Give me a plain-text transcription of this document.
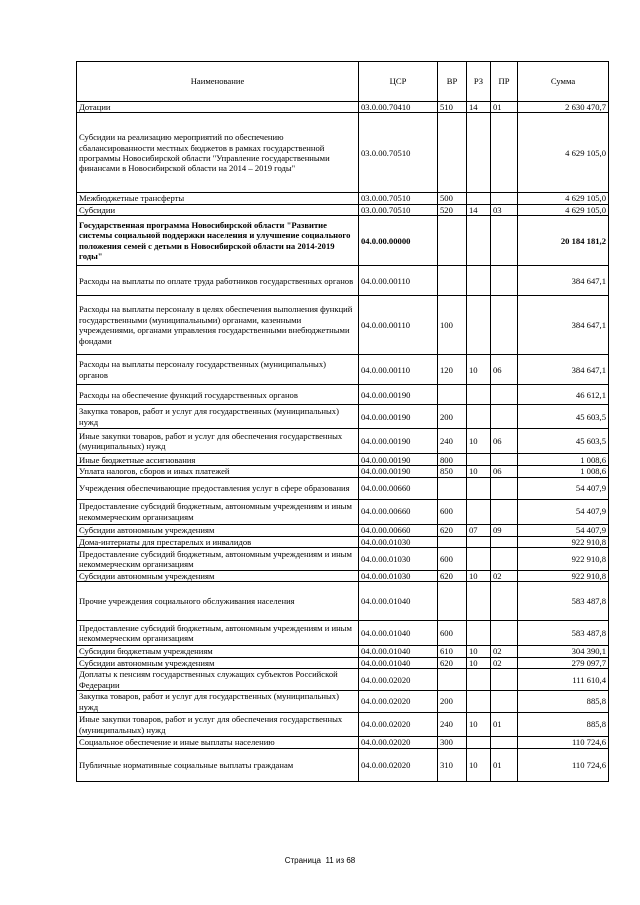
Наименование	ЦСР	ВР	РЗ	ПР	Сумма
Дотации	03.0.00.70410	510	14	01	2 630 470,7
Субсидии на реализацию мероприятий по обеспечению сбалансированности местных бюджетов в рамках государственной программы Новосибирской области "Управление государственными финансами в Новосибирской области на 2014 – 2019 годы"	03.0.00.70510				4 629 105,0
Межбюджетные трансферты	03.0.00.70510	500			4 629 105,0
Субсидии	03.0.00.70510	520	14	03	4 629 105,0
Государственная программа Новосибирской области "Развитие системы социальной поддержки населения и улучшение социального положения семей с детьми в Новосибирской области на 2014-2019 годы"	04.0.00.00000				20 184 181,2
Расходы на выплаты по оплате труда работников государственных органов	04.0.00.00110				384 647,1
Расходы на выплаты персоналу в целях обеспечения выполнения функций государственными (муниципальными) органами, казенными учреждениями, органами управления государственными внебюджетными фондами	04.0.00.00110	100			384 647,1
Расходы на выплаты персоналу государственных (муниципальных) органов	04.0.00.00110	120	10	06	384 647,1
Расходы на обеспечение функций государственных органов	04.0.00.00190				46 612,1
Закупка товаров, работ и услуг для государственных (муниципальных) нужд	04.0.00.00190	200			45 603,5
Иные закупки товаров, работ и услуг для обеспечения государственных (муниципальных) нужд	04.0.00.00190	240	10	06	45 603,5
Иные бюджетные ассигнования	04.0.00.00190	800			1 008,6
Уплата налогов, сборов и иных платежей	04.0.00.00190	850	10	06	1 008,6
Учреждения обеспечивающие предоставления услуг в сфере образования	04.0.00.00660				54 407,9
Предоставление субсидий бюджетным, автономным учреждениям и иным некоммерческим организациям	04.0.00.00660	600			54 407,9
Субсидии автономным учреждениям	04.0.00.00660	620	07	09	54 407,9
Дома-интернаты для престарелых и инвалидов	04.0.00.01030				922 910,8
Предоставление субсидий бюджетным, автономным учреждениям и иным некоммерческим организациям	04.0.00.01030	600			922 910,8
Субсидии автономным учреждениям	04.0.00.01030	620	10	02	922 910,8
Прочие учреждения социального обслуживания населения	04.0.00.01040				583 487,8
Предоставление субсидий бюджетным, автономным учреждениям и иным некоммерческим организациям	04.0.00.01040	600			583 487,8
Субсидии бюджетным учреждениям	04.0.00.01040	610	10	02	304 390,1
Субсидии автономным учреждениям	04.0.00.01040	620	10	02	279 097,7
Доплаты к пенсиям государственных служащих субъектов Российской Федерации	04.0.00.02020				111 610,4
Закупка товаров, работ и услуг для государственных (муниципальных) нужд	04.0.00.02020	200			885,8
Иные закупки товаров, работ и услуг для обеспечения государственных (муниципальных) нужд	04.0.00.02020	240	10	01	885,8
Социальное обеспечение и иные выплаты населению	04.0.00.02020	300			110 724,6
Публичные нормативные социальные выплаты гражданам	04.0.00.02020	310	10	01	110 724,6
Страница 11 из 68
